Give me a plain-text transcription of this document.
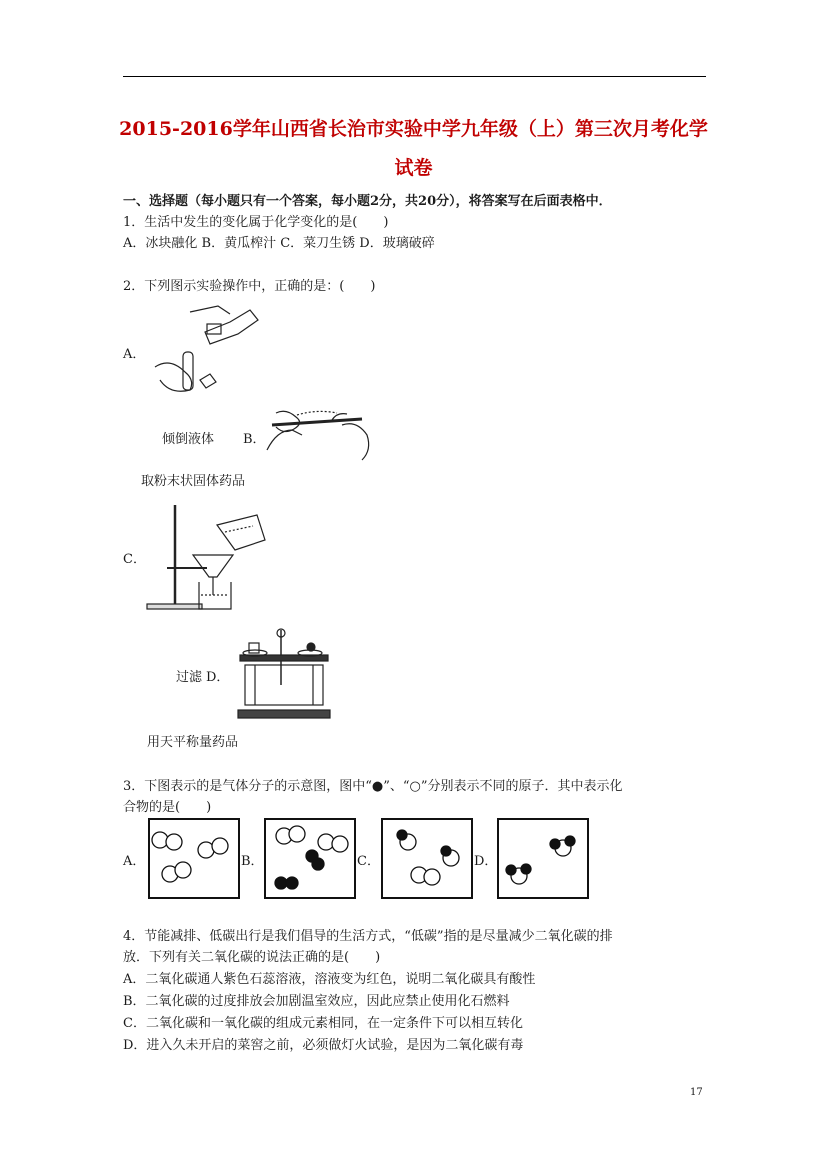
2015-2016学年山西省长治市实验中学九年级（上）第三次月考化学
试卷
一、选择题（每小题只有一个答案，每小题2分，共20分），将答案写在后面表格中．
1．生活中发生的变化属于化学变化的是(　　)
A．冰块融化 B．黄瓜榨汁 C．菜刀生锈 D．玻璃破碎
2．下列图示实验操作中，正确的是：(　　)
A．
倾倒液体 B．
取粉末状固体药品
C．
过滤 D．
用天平称量药品
3．下图表示的是气体分子的示意图，图中“●”、“○”分别表示不同的原子．其中表示化
合物的是(　　)
A．	B．	C．	D．
4．节能减排、低碳出行是我们倡导的生活方式，“低碳”指的是尽量减少二氧化碳的排
放．下列有关二氧化碳的说法正确的是(　　)
A．二氧化碳通人紫色石蕊溶液，溶液变为红色，说明二氧化碳具有酸性
B．二氧化碳的过度排放会加剧温室效应，因此应禁止使用化石燃料
C．二氧化碳和一氧化碳的组成元素相同，在一定条件下可以相互转化
D．进入久未开启的菜窖之前，必须做灯火试验，是因为二氧化碳有毒
17
